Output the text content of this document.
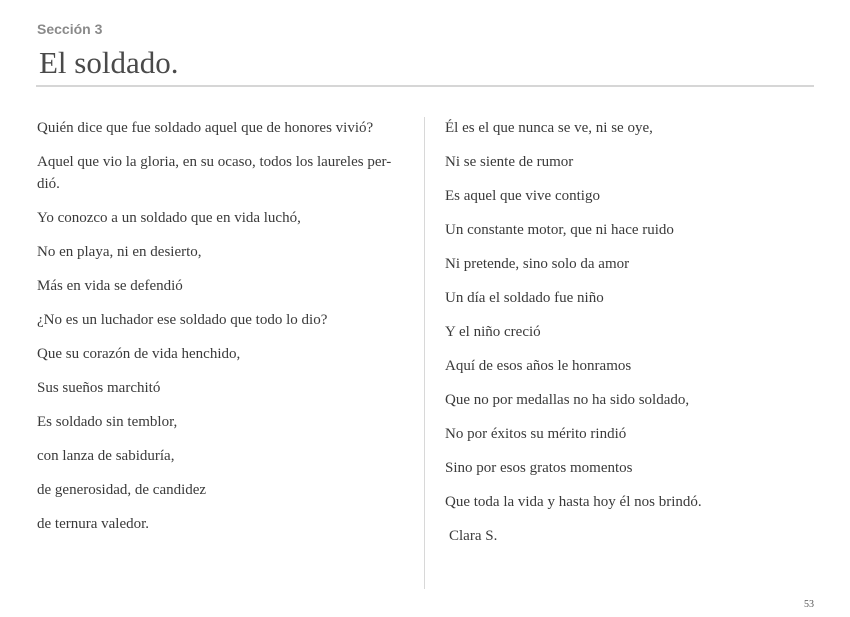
Sección 3
El soldado.

Quién dice que fue soldado aquel que de honores vivió?

Aquel que vio la gloria, en su ocaso, todos los laureles per-dió.

Yo conozco a un soldado que en vida luchó,

No en playa, ni en desierto,

Más en vida se defendió

¿No es un luchador ese soldado que todo lo dio?

Que su corazón de vida henchido,

Sus sueños marchitó

Es soldado sin temblor,

con lanza de sabiduría,

de generosidad, de candidez

de ternura valedor.

Él es el que nunca se ve, ni se oye,

Ni se siente de rumor

Es aquel que vive contigo

Un constante motor, que ni hace ruido

Ni pretende, sino solo da amor

Un día el soldado fue niño

Y el niño creció

Aquí de esos años le honramos

Que no por medallas no ha sido soldado,

No por éxitos su mérito rindió

Sino por esos gratos momentos

Que toda la vida y hasta hoy él nos brindó.

Clara S.

53
